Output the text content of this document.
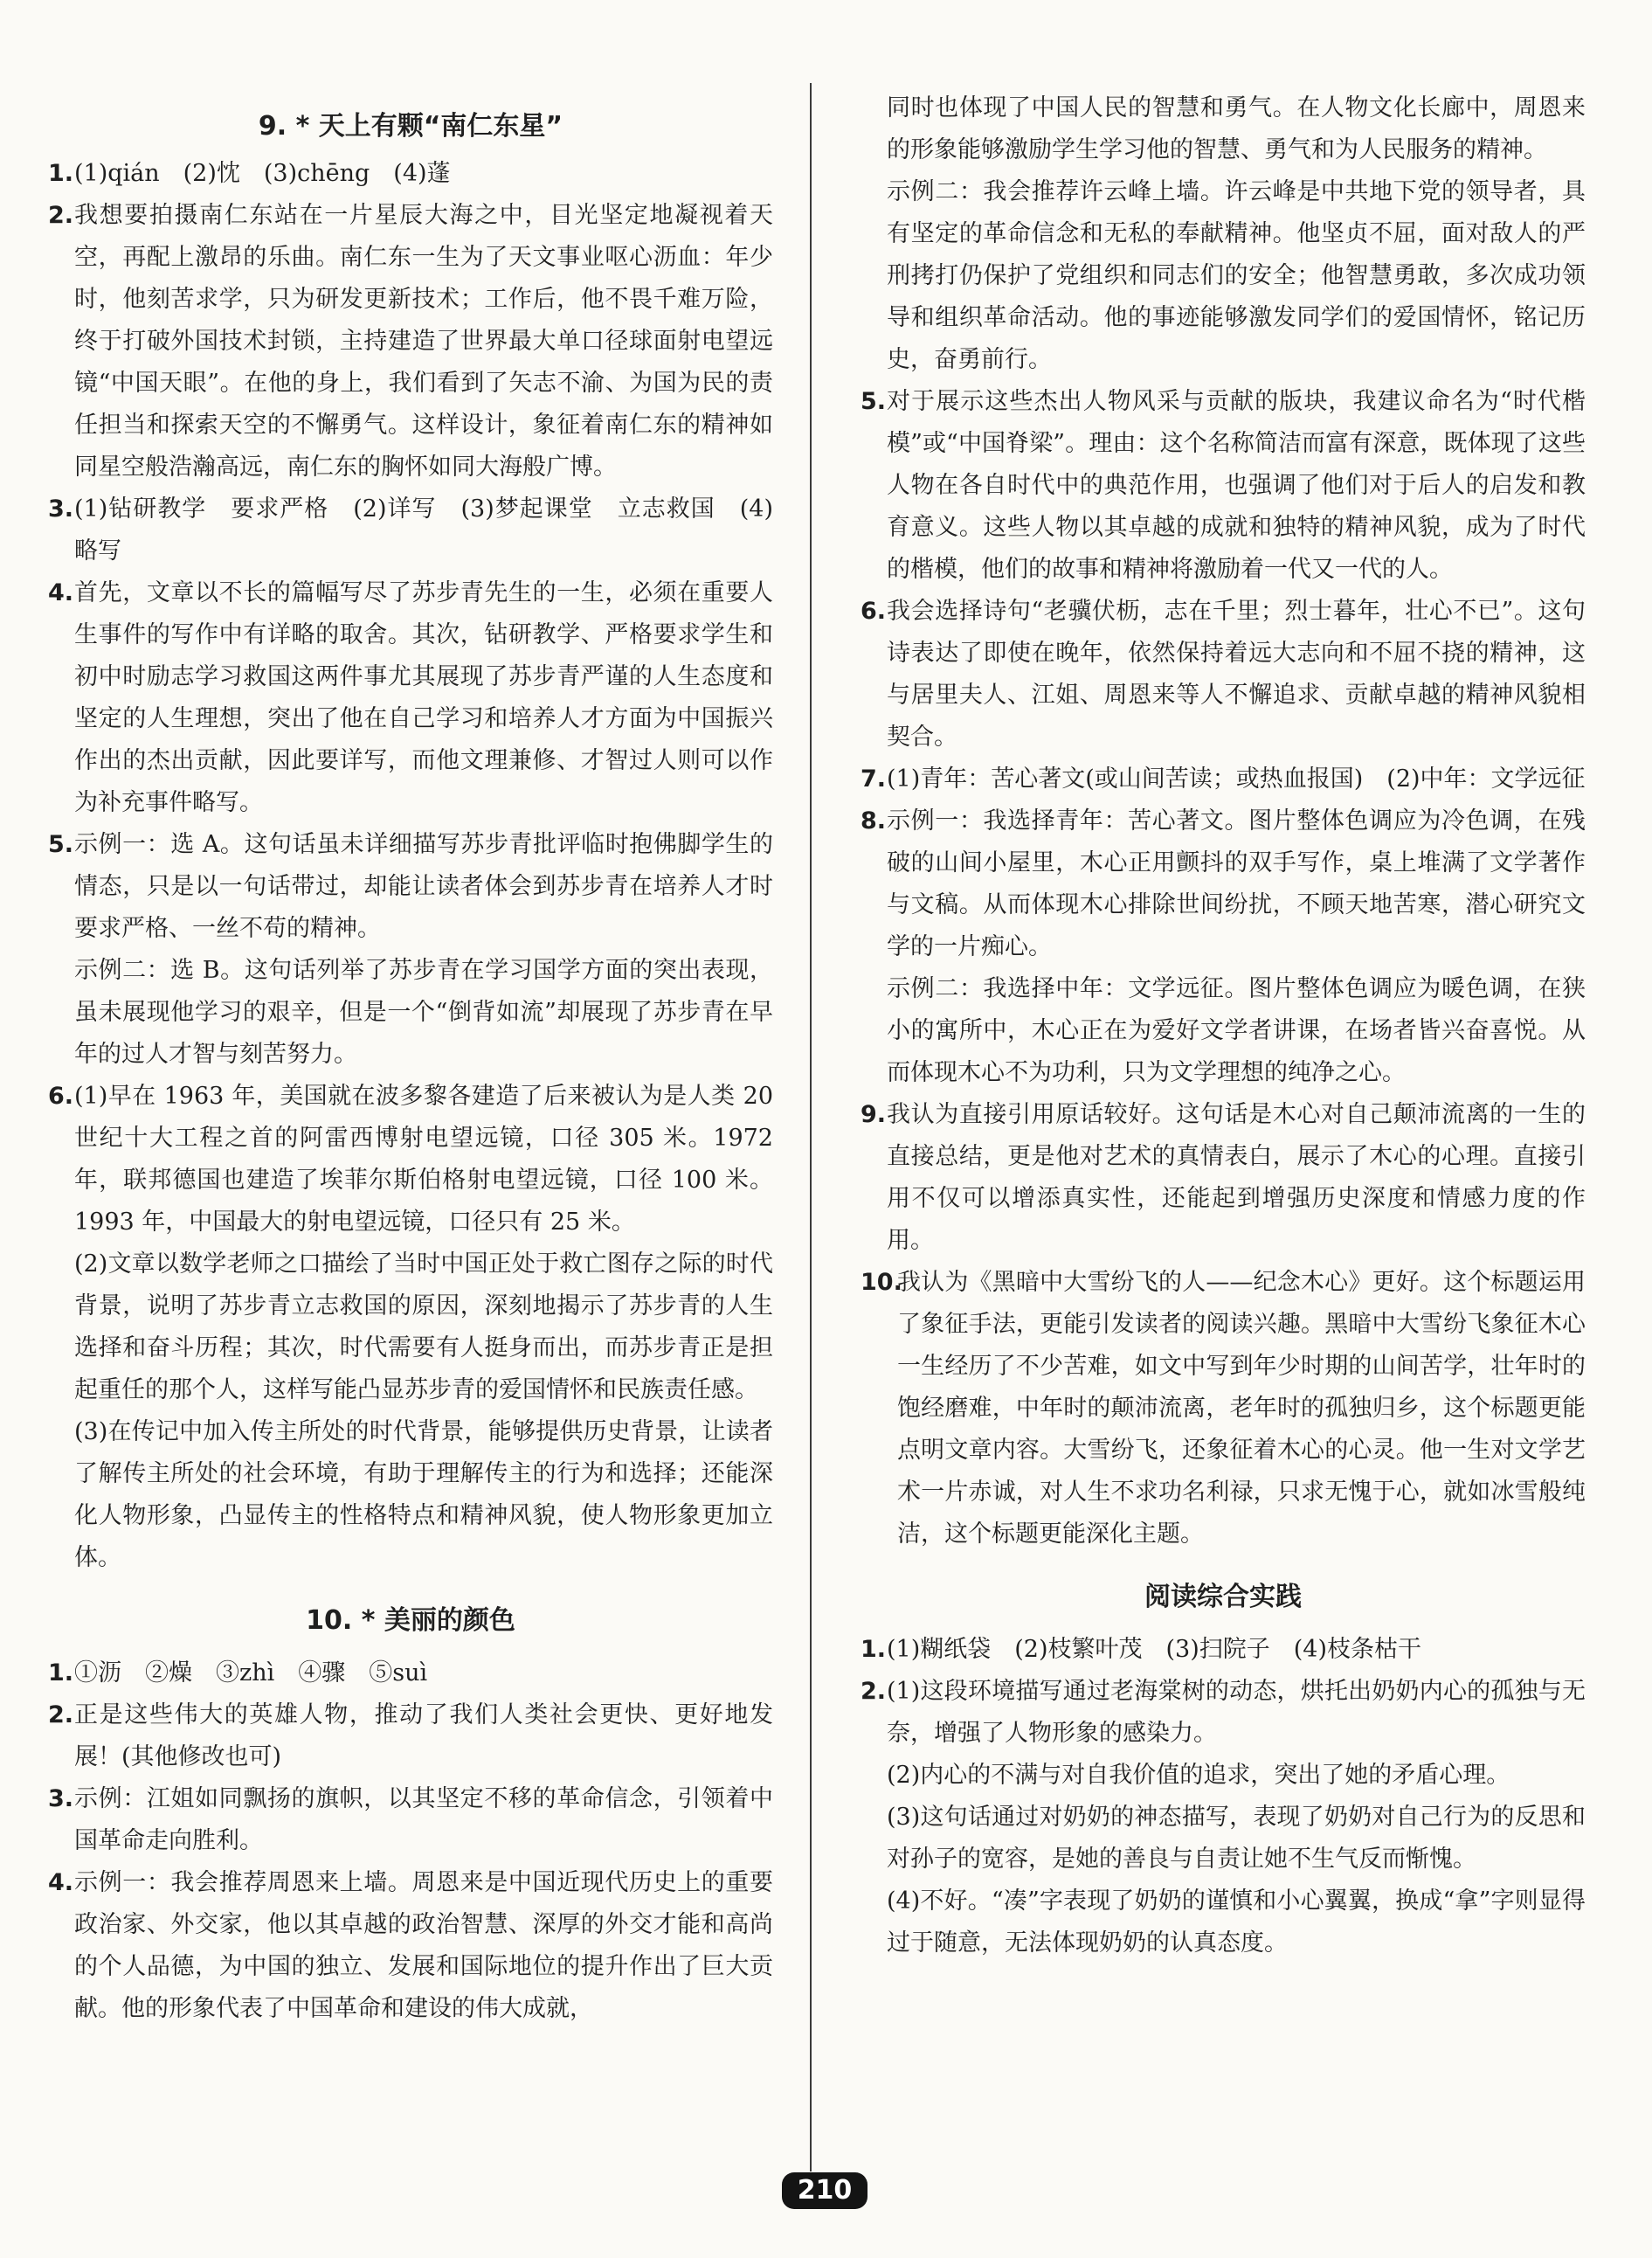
9. * 天上有颗“南仁东星”
1. (1)qián　(2)忱　(3)chēng　(4)蓬
2. 我想要拍摄南仁东站在一片星辰大海之中，目光坚定地凝视着天空，再配上激昂的乐曲。南仁东一生为了天文事业呕心沥血：年少时，他刻苦求学，只为研发更新技术；工作后，他不畏千难万险，终于打破外国技术封锁，主持建造了世界最大单口径球面射电望远镜“中国天眼”。在他的身上，我们看到了矢志不渝、为国为民的责任担当和探索天空的不懈勇气。这样设计，象征着南仁东的精神如同星空般浩瀚高远，南仁东的胸怀如同大海般广博。
3. (1)钻研教学　要求严格　(2)详写　(3)梦起课堂　立志救国　(4)略写
4. 首先，文章以不长的篇幅写尽了苏步青先生的一生，必须在重要人生事件的写作中有详略的取舍。其次，钻研教学、严格要求学生和初中时励志学习救国这两件事尤其展现了苏步青严谨的人生态度和坚定的人生理想，突出了他在自己学习和培养人才方面为中国振兴作出的杰出贡献，因此要详写，而他文理兼修、才智过人则可以作为补充事件略写。
5. 示例一：选 A。这句话虽未详细描写苏步青批评临时抱佛脚学生的情态，只是以一句话带过，却能让读者体会到苏步青在培养人才时要求严格、一丝不苟的精神。

示例二：选 B。这句话列举了苏步青在学习国学方面的突出表现，虽未展现他学习的艰辛，但是一个“倒背如流”却展现了苏步青在早年的过人才智与刻苦努力。

6. (1)早在 1963 年，美国就在波多黎各建造了后来被认为是人类 20 世纪十大工程之首的阿雷西博射电望远镜，口径 305 米。1972 年，联邦德国也建造了埃菲尔斯伯格射电望远镜，口径 100 米。1993 年，中国最大的射电望远镜，口径只有 25 米。

(2)文章以数学老师之口描绘了当时中国正处于救亡图存之际的时代背景，说明了苏步青立志救国的原因，深刻地揭示了苏步青的人生选择和奋斗历程；其次，时代需要有人挺身而出，而苏步青正是担起重任的那个人，这样写能凸显苏步青的爱国情怀和民族责任感。

(3)在传记中加入传主所处的时代背景，能够提供历史背景，让读者了解传主所处的社会环境，有助于理解传主的行为和选择；还能深化人物形象，凸显传主的性格特点和精神风貌，使人物形象更加立体。

10. * 美丽的颜色
1. ①沥　②燥　③zhì　④骤　⑤suì
2. 正是这些伟大的英雄人物，推动了我们人类社会更快、更好地发展！(其他修改也可)
3. 示例：江姐如同飘扬的旗帜，以其坚定不移的革命信念，引领着中国革命走向胜利。
4. 示例一：我会推荐周恩来上墙。周恩来是中国近现代历史上的重要政治家、外交家，他以其卓越的政治智慧、深厚的外交才能和高尚的个人品德，为中国的独立、发展和国际地位的提升作出了巨大贡献。他的形象代表了中国革命和建设的伟大成就，

同时也体现了中国人民的智慧和勇气。在人物文化长廊中，周恩来的形象能够激励学生学习他的智慧、勇气和为人民服务的精神。

示例二：我会推荐许云峰上墙。许云峰是中共地下党的领导者，具有坚定的革命信念和无私的奉献精神。他坚贞不屈，面对敌人的严刑拷打仍保护了党组织和同志们的安全；他智慧勇敢，多次成功领导和组织革命活动。他的事迹能够激发同学们的爱国情怀，铭记历史，奋勇前行。

5. 对于展示这些杰出人物风采与贡献的版块，我建议命名为“时代楷模”或“中国脊梁”。理由：这个名称简洁而富有深意，既体现了这些人物在各自时代中的典范作用，也强调了他们对于后人的启发和教育意义。这些人物以其卓越的成就和独特的精神风貌，成为了时代的楷模，他们的故事和精神将激励着一代又一代的人。
6. 我会选择诗句“老骥伏枥，志在千里；烈士暮年，壮心不已”。这句诗表达了即使在晚年，依然保持着远大志向和不屈不挠的精神，这与居里夫人、江姐、周恩来等人不懈追求、贡献卓越的精神风貌相契合。
7. (1)青年：苦心著文(或山间苦读；或热血报国)　(2)中年：文学远征
8. 示例一：我选择青年：苦心著文。图片整体色调应为冷色调，在残破的山间小屋里，木心正用颤抖的双手写作，桌上堆满了文学著作与文稿。从而体现木心排除世间纷扰，不顾天地苦寒，潜心研究文学的一片痴心。

示例二：我选择中年：文学远征。图片整体色调应为暖色调，在狭小的寓所中，木心正在为爱好文学者讲课，在场者皆兴奋喜悦。从而体现木心不为功利，只为文学理想的纯净之心。

9. 我认为直接引用原话较好。这句话是木心对自己颠沛流离的一生的直接总结，更是他对艺术的真情表白，展示了木心的心理。直接引用不仅可以增添真实性，还能起到增强历史深度和情感力度的作用。
10.
我认为《黑暗中大雪纷飞的人——纪念木心》更好。这个标题运用了象征手法，更能引发读者的阅读兴趣。黑暗中大雪纷飞象征木心一生经历了不少苦难，如文中写到年少时期的山间苦学，壮年时的饱经磨难，中年时的颠沛流离，老年时的孤独归乡，这个标题更能点明文章内容。大雪纷飞，还象征着木心的心灵。他一生对文学艺术一片赤诚，对人生不求功名利禄，只求无愧于心，就如冰雪般纯洁，这个标题更能深化主题。
阅读综合实践
1. (1)糊纸袋　(2)枝繁叶茂　(3)扫院子　(4)枝条枯干
2. (1)这段环境描写通过老海棠树的动态，烘托出奶奶内心的孤独与无奈，增强了人物形象的感染力。

(2)内心的不满与对自我价值的追求，突出了她的矛盾心理。

(3)这句话通过对奶奶的神态描写，表现了奶奶对自己行为的反思和对孙子的宽容，是她的善良与自责让她不生气反而惭愧。

(4)不好。“凑”字表现了奶奶的谨慎和小心翼翼，换成“拿”字则显得过于随意，无法体现奶奶的认真态度。

210
